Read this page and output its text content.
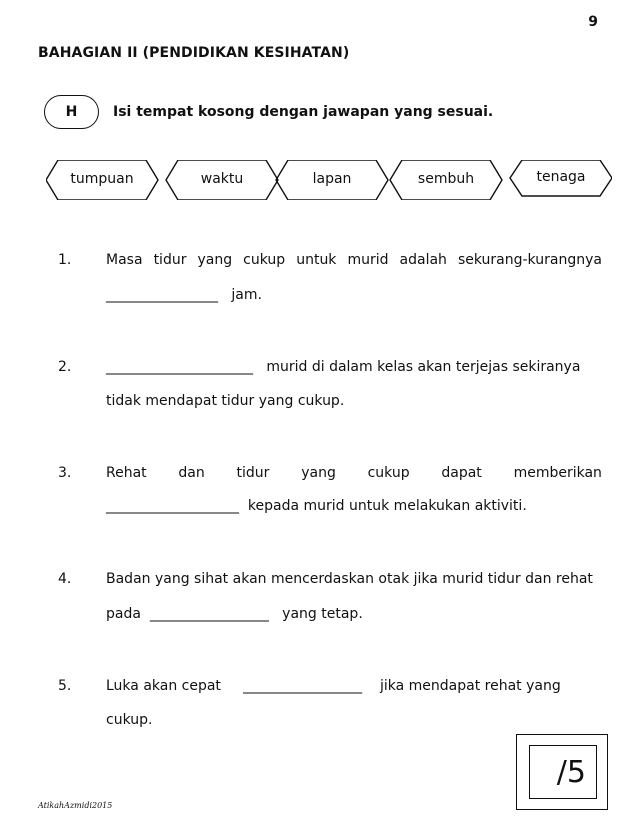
9
BAHAGIAN II (PENDIDIKAN KESIHATAN)
H	Isi tempat kosong dengan jawapan yang sesuai.
tumpuan	waktu	lapan	sembuh	tenaga
1. Masa tidur yang cukup untuk murid adalah sekurang-kurangnya
________________   jam.
2. _____________________   murid di dalam kelas akan terjejas sekiranya
tidak mendapat tidur yang cukup.
3. Rehat dan tidur yang cukup dapat memberikan
___________________  kepada murid untuk melakukan aktiviti.
4. Badan yang sihat akan mencerdaskan otak jika murid tidur dan rehat
pada  _________________   yang tetap.
5. Luka akan cepat     _________________    jika mendapat rehat yang
cukup.
/5
AtikahAzmidi2015
